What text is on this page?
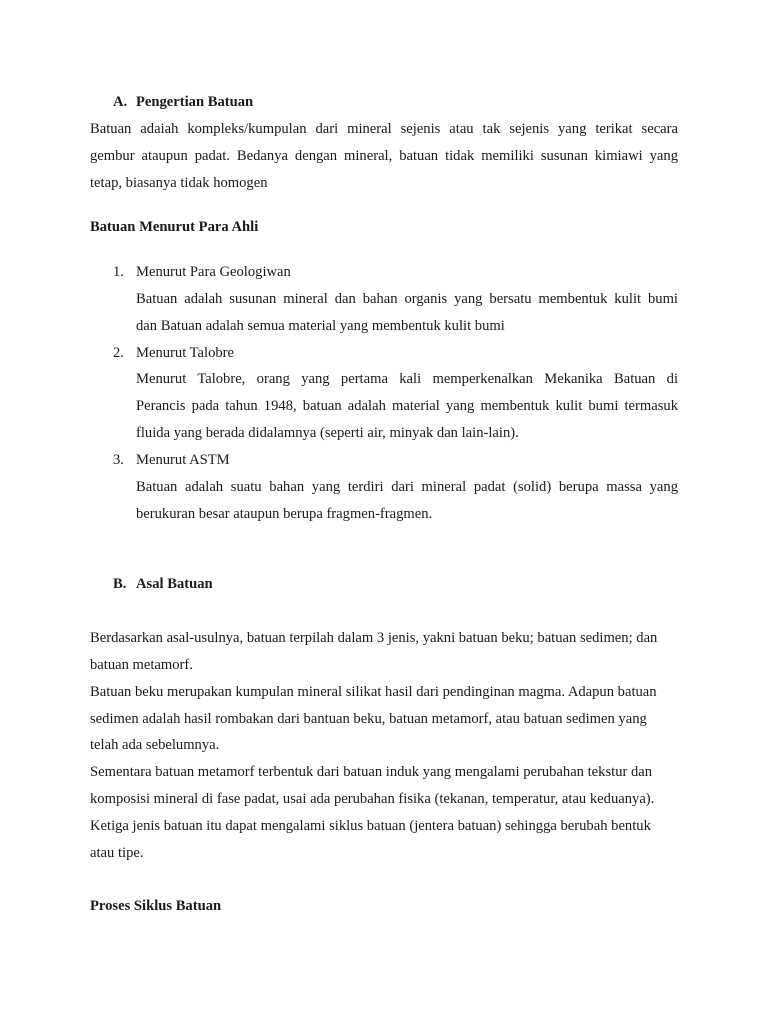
A. Pengertian Batuan
Batuan adaiah kompleks/kumpulan dari mineral sejenis atau tak sejenis yang terikat secara
gembur ataupun padat. Bedanya dengan mineral, batuan tidak memiliki susunan kimiawi yang
tetap, biasanya tidak homogen
Batuan Menurut Para Ahli
1. Menurut Para Geologiwan
Batuan adalah susunan mineral dan bahan organis yang bersatu membentuk kulit bumi
dan Batuan adalah semua material yang membentuk kulit bumi
2. Menurut Talobre
Menurut Talobre, orang yang pertama kali memperkenalkan Mekanika Batuan di
Perancis pada tahun 1948, batuan adalah material yang membentuk kulit bumi termasuk
fluida yang berada didalamnya (seperti air, minyak dan lain-lain).
3. Menurut ASTM
Batuan adalah suatu bahan yang terdiri dari mineral padat (solid) berupa massa yang
berukuran besar ataupun berupa fragmen-fragmen.
B. Asal Batuan
Berdasarkan asal-usulnya, batuan terpilah dalam 3 jenis, yakni batuan beku; batuan sedimen; dan
batuan metamorf.
Batuan beku merupakan kumpulan mineral silikat hasil dari pendinginan magma. Adapun batuan
sedimen adalah hasil rombakan dari bantuan beku, batuan metamorf, atau batuan sedimen yang
telah ada sebelumnya.
Sementara batuan metamorf terbentuk dari batuan induk yang mengalami perubahan tekstur dan
komposisi mineral di fase padat, usai ada perubahan fisika (tekanan, temperatur, atau keduanya).
Ketiga jenis batuan itu dapat mengalami siklus batuan (jentera batuan) sehingga berubah bentuk
atau tipe.
Proses Siklus Batuan
